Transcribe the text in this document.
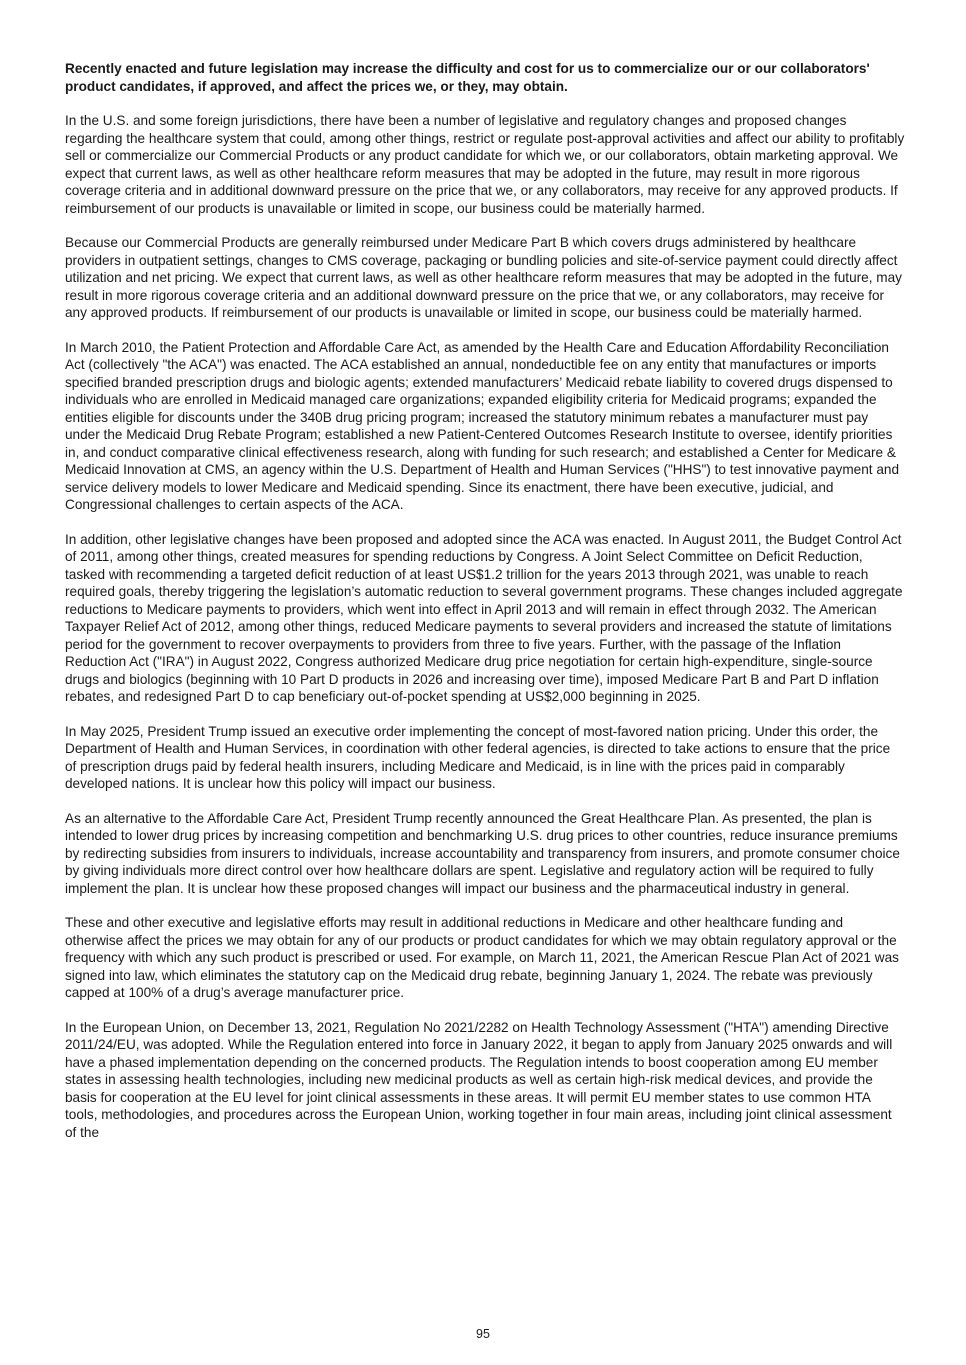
Recently enacted and future legislation may increase the difficulty and cost for us to commercialize our or our collaborators' product candidates, if approved, and affect the prices we, or they, may obtain.

In the U.S. and some foreign jurisdictions, there have been a number of legislative and regulatory changes and proposed changes regarding the healthcare system that could, among other things, restrict or regulate post-approval activities and affect our ability to profitably sell or commercialize our Commercial Products or any product candidate for which we, or our collaborators, obtain marketing approval. We expect that current laws, as well as other healthcare reform measures that may be adopted in the future, may result in more rigorous coverage criteria and in additional downward pressure on the price that we, or any collaborators, may receive for any approved products. If reimbursement of our products is unavailable or limited in scope, our business could be materially harmed.

Because our Commercial Products are generally reimbursed under Medicare Part B which covers drugs administered by healthcare providers in outpatient settings, changes to CMS coverage, packaging or bundling policies and site-of-service payment could directly affect utilization and net pricing. We expect that current laws, as well as other healthcare reform measures that may be adopted in the future, may result in more rigorous coverage criteria and an additional downward pressure on the price that we, or any collaborators, may receive for any approved products. If reimbursement of our products is unavailable or limited in scope, our business could be materially harmed.

In March 2010, the Patient Protection and Affordable Care Act, as amended by the Health Care and Education Affordability Reconciliation Act (collectively "the ACA") was enacted. The ACA established an annual, nondeductible fee on any entity that manufactures or imports specified branded prescription drugs and biologic agents; extended manufacturers’ Medicaid rebate liability to covered drugs dispensed to individuals who are enrolled in Medicaid managed care organizations; expanded eligibility criteria for Medicaid programs; expanded the entities eligible for discounts under the 340B drug pricing program; increased the statutory minimum rebates a manufacturer must pay under the Medicaid Drug Rebate Program; established a new Patient-Centered Outcomes Research Institute to oversee, identify priorities in, and conduct comparative clinical effectiveness research, along with funding for such research; and established a Center for Medicare & Medicaid Innovation at CMS, an agency within the U.S. Department of Health and Human Services ("HHS") to test innovative payment and service delivery models to lower Medicare and Medicaid spending. Since its enactment, there have been executive, judicial, and Congressional challenges to certain aspects of the ACA.

In addition, other legislative changes have been proposed and adopted since the ACA was enacted. In August 2011, the Budget Control Act of 2011, among other things, created measures for spending reductions by Congress. A Joint Select Committee on Deficit Reduction, tasked with recommending a targeted deficit reduction of at least US$1.2 trillion for the years 2013 through 2021, was unable to reach required goals, thereby triggering the legislation’s automatic reduction to several government programs. These changes included aggregate reductions to Medicare payments to providers, which went into effect in April 2013 and will remain in effect through 2032. The American Taxpayer Relief Act of 2012, among other things, reduced Medicare payments to several providers and increased the statute of limitations period for the government to recover overpayments to providers from three to five years. Further, with the passage of the Inflation Reduction Act ("IRA") in August 2022, Congress authorized Medicare drug price negotiation for certain high-expenditure, single-source drugs and biologics (beginning with 10 Part D products in 2026 and increasing over time), imposed Medicare Part B and Part D inflation rebates, and redesigned Part D to cap beneficiary out-of-pocket spending at US$2,000 beginning in 2025.

In May 2025, President Trump issued an executive order implementing the concept of most-favored nation pricing. Under this order, the Department of Health and Human Services, in coordination with other federal agencies, is directed to take actions to ensure that the price of prescription drugs paid by federal health insurers, including Medicare and Medicaid, is in line with the prices paid in comparably developed nations. It is unclear how this policy will impact our business.

As an alternative to the Affordable Care Act, President Trump recently announced the Great Healthcare Plan. As presented, the plan is intended to lower drug prices by increasing competition and benchmarking U.S. drug prices to other countries, reduce insurance premiums by redirecting subsidies from insurers to individuals, increase accountability and transparency from insurers, and promote consumer choice by giving individuals more direct control over how healthcare dollars are spent. Legislative and regulatory action will be required to fully implement the plan. It is unclear how these proposed changes will impact our business and the pharmaceutical industry in general.

These and other executive and legislative efforts may result in additional reductions in Medicare and other healthcare funding and otherwise affect the prices we may obtain for any of our products or product candidates for which we may obtain regulatory approval or the frequency with which any such product is prescribed or used. For example, on March 11, 2021, the American Rescue Plan Act of 2021 was signed into law, which eliminates the statutory cap on the Medicaid drug rebate, beginning January 1, 2024. The rebate was previously capped at 100% of a drug’s average manufacturer price.

In the European Union, on December 13, 2021, Regulation No 2021/2282 on Health Technology Assessment ("HTA") amending Directive 2011/24/EU, was adopted. While the Regulation entered into force in January 2022, it began to apply from January 2025 onwards and will have a phased implementation depending on the concerned products. The Regulation intends to boost cooperation among EU member states in assessing health technologies, including new medicinal products as well as certain high-risk medical devices, and provide the basis for cooperation at the EU level for joint clinical assessments in these areas. It will permit EU member states to use common HTA tools, methodologies, and procedures across the European Union, working together in four main areas, including joint clinical assessment of the

95
